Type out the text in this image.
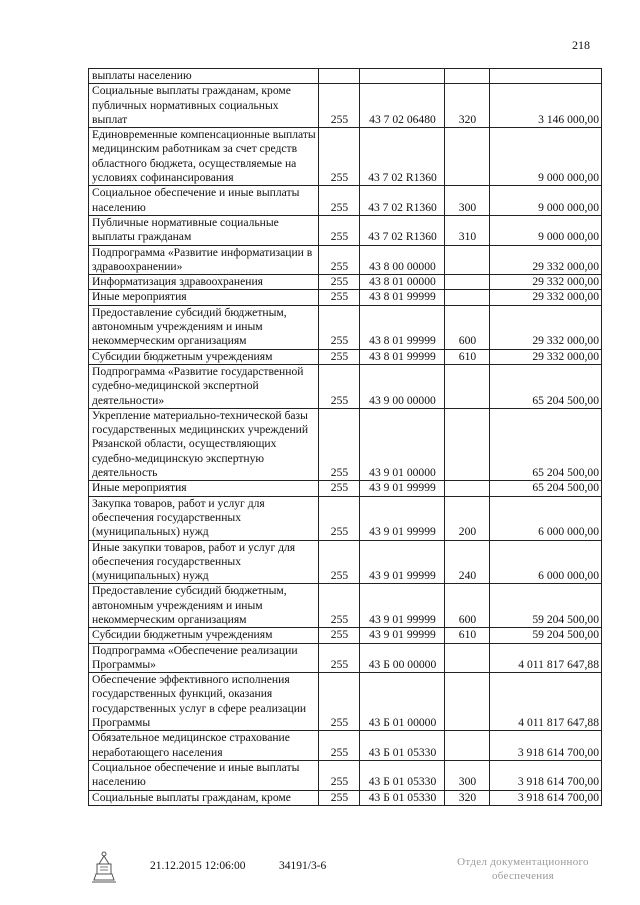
218
выплаты населению				
Социальные выплаты гражданам, кроме публичных нормативных социальных выплат	255	43 7 02 06480	320	3 146 000,00
Единовременные компенсационные выплаты медицинским работникам за счет средств областного бюджета, осуществляемые на условиях софинансирования	255	43 7 02 R1360		9 000 000,00
Социальное обеспечение и иные выплаты населению	255	43 7 02 R1360	300	9 000 000,00
Публичные нормативные социальные выплаты гражданам	255	43 7 02 R1360	310	9 000 000,00
Подпрограмма «Развитие информатизации в здравоохранении»	255	43 8 00 00000		29 332 000,00
Информатизация здравоохранения	255	43 8 01 00000		29 332 000,00
Иные мероприятия	255	43 8 01 99999		29 332 000,00
Предоставление субсидий бюджетным, автономным учреждениям и иным некоммерческим организациям	255	43 8 01 99999	600	29 332 000,00
Субсидии бюджетным учреждениям	255	43 8 01 99999	610	29 332 000,00
Подпрограмма «Развитие государственной судебно-медицинской экспертной деятельности»	255	43 9 00 00000		65 204 500,00
Укрепление материально-технической базы государственных медицинских учреждений Рязанской области, осуществляющих судебно-медицинскую экспертную деятельность	255	43 9 01 00000		65 204 500,00
Иные мероприятия	255	43 9 01 99999		65 204 500,00
Закупка товаров, работ и услуг для обеспечения государственных (муниципальных) нужд	255	43 9 01 99999	200	6 000 000,00
Иные закупки товаров, работ и услуг для обеспечения государственных (муниципальных) нужд	255	43 9 01 99999	240	6 000 000,00
Предоставление субсидий бюджетным, автономным учреждениям и иным некоммерческим организациям	255	43 9 01 99999	600	59 204 500,00
Субсидии бюджетным учреждениям	255	43 9 01 99999	610	59 204 500,00
Подпрограмма «Обеспечение реализации Программы»	255	43 Б 00 00000		4 011 817 647,88
Обеспечение эффективного исполнения государственных функций, оказания государственных услуг в сфере реализации Программы	255	43 Б 01 00000		4 011 817 647,88
Обязательное медицинское страхование неработающего населения	255	43 Б 01 05330		3 918 614 700,00
Социальное обеспечение и иные выплаты населению	255	43 Б 01 05330	300	3 918 614 700,00
Социальные выплаты гражданам, кроме	255	43 Б 01 05330	320	3 918 614 700,00
21.12.2015 12:06:00	34191/3-6	Отдел документационного
обеспечения
